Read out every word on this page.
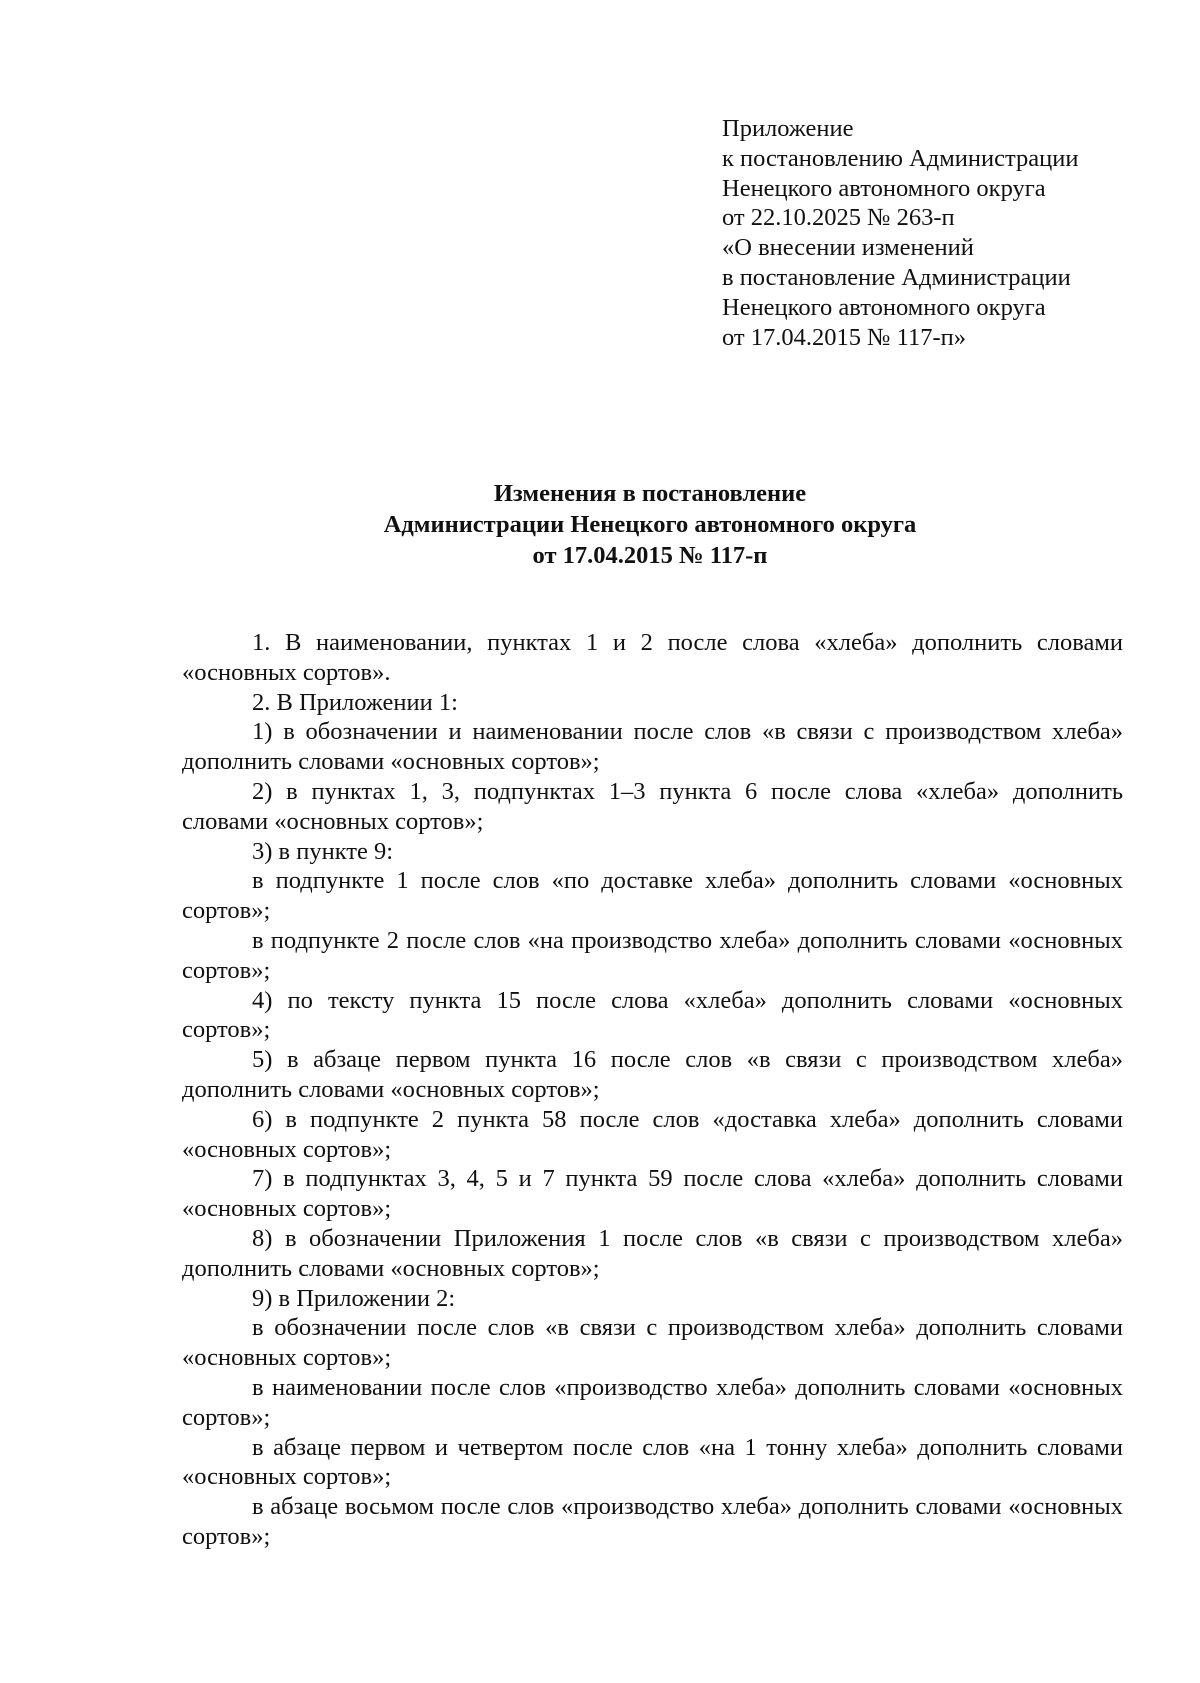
Приложение
к постановлению Администрации
Ненецкого автономного округа
от 22.10.2025 № 263-п
«О внесении изменений
в постановление Администрации
Ненецкого автономного округа
от 17.04.2015 № 117-п»
Изменения в постановление
Администрации Ненецкого автономного округа
от 17.04.2015 № 117-п

1. В наименовании, пунктах 1 и 2 после слова «хлеба» дополнить словами «основных сортов».

2. В Приложении 1:

1) в обозначении и наименовании после слов «в связи с производством хлеба» дополнить словами «основных сортов»;

2) в пунктах 1, 3, подпунктах 1–3 пункта 6 после слова «хлеба» дополнить словами «основных сортов»;

3) в пункте 9:

в подпункте 1 после слов «по доставке хлеба» дополнить словами «основных сортов»;

в подпункте 2 после слов «на производство хлеба» дополнить словами «основных сортов»;

4) по тексту пункта 15 после слова «хлеба» дополнить словами «основных сортов»;

5) в абзаце первом пункта 16 после слов «в связи с производством хлеба» дополнить словами «основных сортов»;

6) в подпункте 2 пункта 58 после слов «доставка хлеба» дополнить словами «основных сортов»;

7) в подпунктах 3, 4, 5 и 7 пункта 59 после слова «хлеба» дополнить словами «основных сортов»;

8) в обозначении Приложения 1 после слов «в связи с производством хлеба» дополнить словами «основных сортов»;

9) в Приложении 2:

в обозначении после слов «в связи с производством хлеба» дополнить словами «основных сортов»;

в наименовании после слов «производство хлеба» дополнить словами «основных сортов»;

в абзаце первом и четвертом после слов «на 1 тонну хлеба» дополнить словами «основных сортов»;

в абзаце восьмом после слов «производство хлеба» дополнить словами «основных сортов»;
